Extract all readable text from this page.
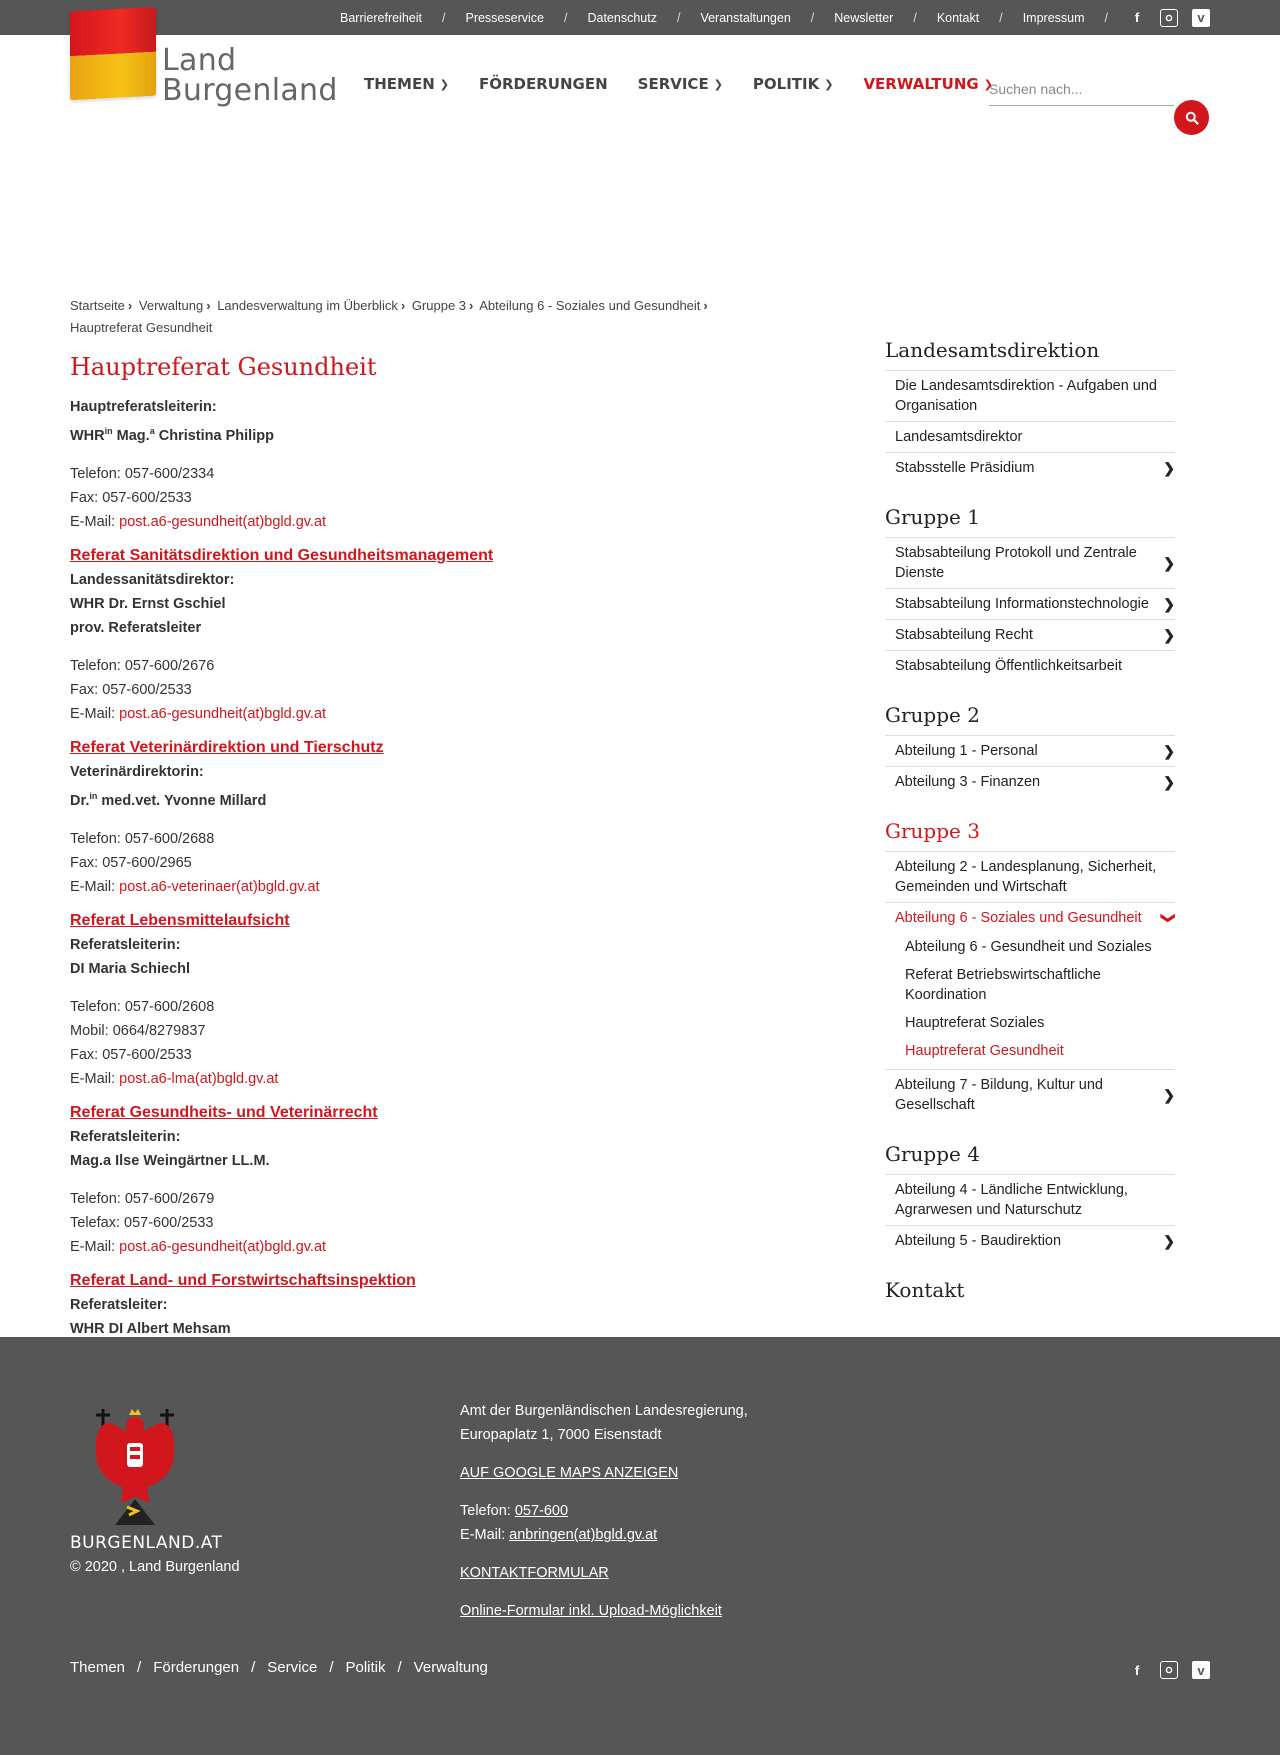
Barrierefreiheit / Presseservice / Datenschutz / Veranstaltungen / Newsletter / Kontakt / Impressum /	f	v
Land
Burgenland THEMEN ❯ FÖRDERUNGEN SERVICE ❯ POLITIK ❯ VERWALTUNG ❯
Suchen nach...
Startseite › Verwaltung › Landesverwaltung im Überblick › Gruppe 3 › Abteilung 6 - Soziales und Gesundheit ›
Hauptreferat Gesundheit
Hauptreferat Gesundheit
Hauptreferatsleiterin:
$WHR^{in}$ Mag.$^a$ Christina Philipp
Telefon: 057-600/2334
Fax: 057-600/2533
E-Mail: post.a6-gesundheit(at)bgld.gv.at
Referat Sanitätsdirektion und Gesundheitsmanagement
Landessanitätsdirektor:
WHR Dr. Ernst Gschiel
prov. Referatsleiter
Telefon: 057-600/2676
Fax: 057-600/2533
E-Mail: post.a6-gesundheit(at)bgld.gv.at
Referat Veterinärdirektion und Tierschutz
Veterinärdirektorin:
Dr.$^{in}$ med.vet. Yvonne Millard
Telefon: 057-600/2688
Fax: 057-600/2965
E-Mail: post.a6-veterinaer(at)bgld.gv.at
Referat Lebensmittelaufsicht
Referatsleiterin:
DI Maria Schiechl
Telefon: 057-600/2608
Mobil: 0664/8279837
Fax: 057-600/2533
E-Mail: post.a6-lma(at)bgld.gv.at
Referat Gesundheits- und Veterinärrecht
Referatsleiterin:
Mag.a Ilse Weingärtner LL.M.
Telefon: 057-600/2679
Telefax: 057-600/2533
E-Mail: post.a6-gesundheit(at)bgld.gv.at
Referat Land- und Forstwirtschaftsinspektion
Referatsleiter:
WHR DI Albert Mehsam
Landesamtsdirektion
Die Landesamtsdirektion - Aufgaben und Organisation
Landesamtsdirektor
Stabsstelle Präsidium	❯
Gruppe 1
Stabsabteilung Protokoll und Zentrale Dienste
❯
Stabsabteilung Informationstechnologie	❯
Stabsabteilung Recht	❯
Stabsabteilung Öffentlichkeitsarbeit
Gruppe 2
Abteilung 1 - Personal	❯
Abteilung 3 - Finanzen	❯
Gruppe 3
Abteilung 2 - Landesplanung, Sicherheit, Gemeinden und Wirtschaft
Abteilung 6 - Soziales und Gesundheit	❯
Abteilung 6 - Gesundheit und Soziales
Referat Betriebswirtschaftliche Koordination
Hauptreferat Soziales
Hauptreferat Gesundheit
Abteilung 7 - Bildung, Kultur und Gesellschaft
❯
Gruppe 4
Abteilung 4 - Ländliche Entwicklung, Agrarwesen und Naturschutz
Abteilung 5 - Baudirektion	❯
Kontakt
BURGENLAND.AT
© 2020 , Land Burgenland
Amt der Burgenländischen Landesregierung,
Europaplatz 1, 7000 Eisenstadt
AUF GOOGLE MAPS ANZEIGEN
Telefon: 057-600
E-Mail: anbringen(at)bgld.gv.at
KONTAKTFORMULAR
Online-Formular inkl. Upload-Möglichkeit
Themen / Förderungen / Service / Politik / Verwaltung	f	v
